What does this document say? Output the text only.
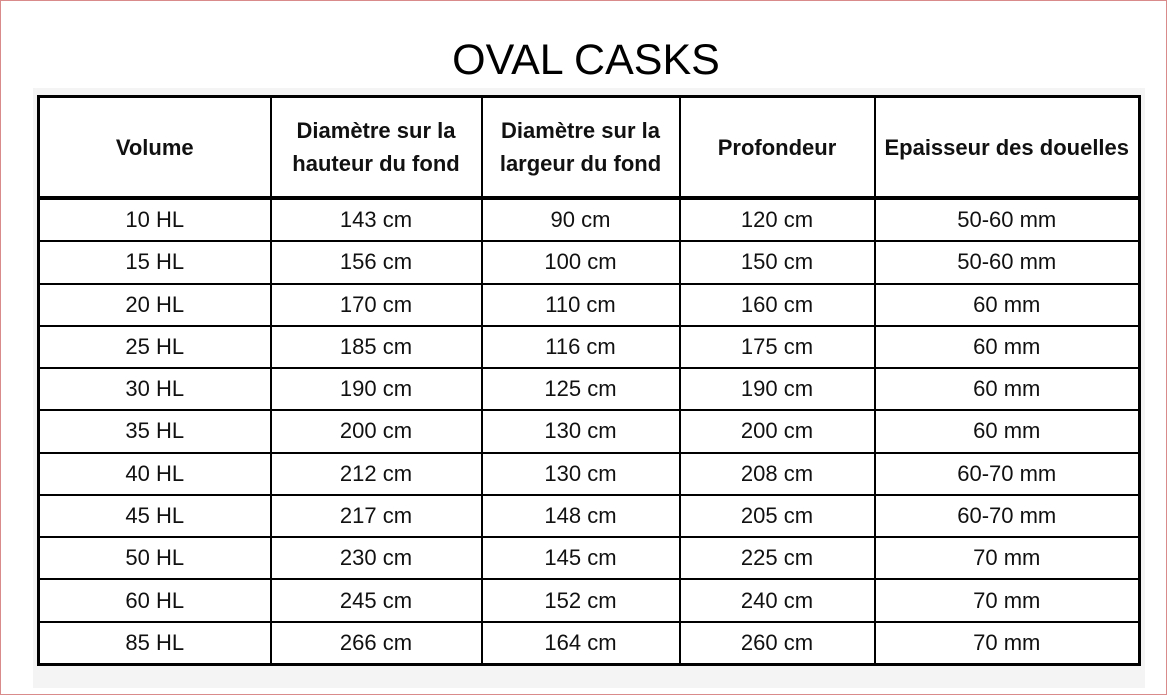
OVAL CASKS
Volume	Diamètre sur la hauteur du fond	Diamètre sur la largeur du fond	Profondeur	Epaisseur des douelles
10 HL	143 cm	90 cm	120 cm	50-60 mm
15 HL	156 cm	100 cm	150 cm	50-60 mm
20 HL	170 cm	110 cm	160 cm	60 mm
25 HL	185 cm	116 cm	175 cm	60 mm
30 HL	190 cm	125 cm	190 cm	60 mm
35 HL	200 cm	130 cm	200 cm	60 mm
40 HL	212 cm	130 cm	208 cm	60-70 mm
45 HL	217 cm	148 cm	205 cm	60-70 mm
50 HL	230 cm	145 cm	225 cm	70 mm
60 HL	245 cm	152 cm	240 cm	70 mm
85 HL	266 cm	164 cm	260 cm	70 mm
